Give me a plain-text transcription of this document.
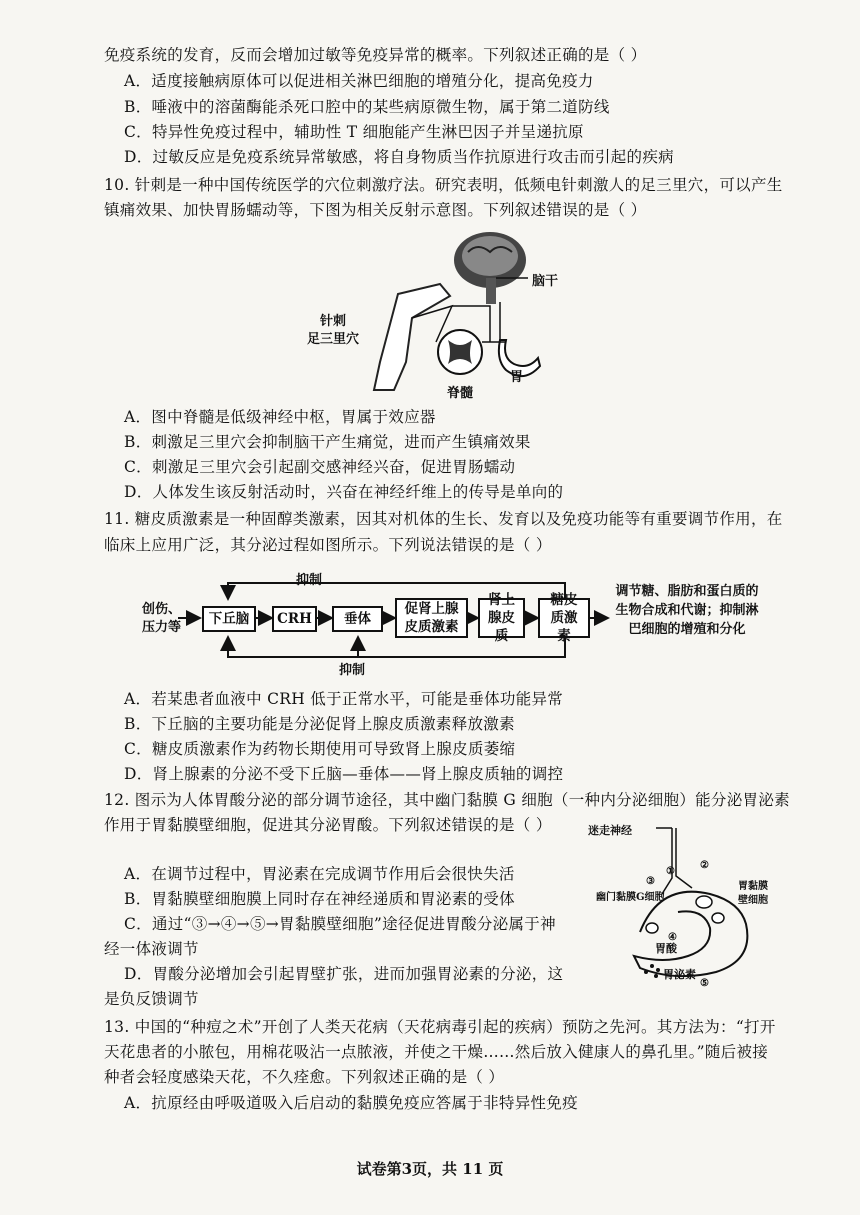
免疫系统的发育，反而会增加过敏等免疫异常的概率。下列叙述正确的是（ ）
A．适度接触病原体可以促进相关淋巴细胞的增殖分化，提高免疫力
B．唾液中的溶菌酶能杀死口腔中的某些病原微生物，属于第二道防线
C．特异性免疫过程中，辅助性 T 细胞能产生淋巴因子并呈递抗原
D．过敏反应是免疫系统异常敏感，将自身物质当作抗原进行攻击而引起的疾病
10. 针刺是一种中国传统医学的穴位刺激疗法。研究表明，低频电针刺激人的足三里穴，可以产生
镇痛效果、加快胃肠蠕动等，下图为相关反射示意图。下列叙述错误的是（ ）
脑干
针刺
足三里穴
脊髓
胃
A．图中脊髓是低级神经中枢，胃属于效应器
B．刺激足三里穴会抑制脑干产生痛觉，进而产生镇痛效果
C．刺激足三里穴会引起副交感神经兴奋，促进胃肠蠕动
D．人体发生该反射活动时，兴奋在神经纤维上的传导是单向的
11. 糖皮质激素是一种固醇类激素，因其对机体的生长、发育以及免疫功能等有重要调节作用，在
临床上应用广泛，其分泌过程如图所示。下列说法错误的是（ ）
抑制
抑制
创伤、压力等
下丘脑	CRH	垂体
促肾上腺皮质激素
肾上腺皮质
糖皮质激素
调节糖、脂肪和蛋白质的生物合成和代谢；抑制淋巴细胞的增殖和分化
A．若某患者血液中 CRH 低于正常水平，可能是垂体功能异常
B．下丘脑的主要功能是分泌促肾上腺皮质激素释放激素
C．糖皮质激素作为药物长期使用可导致肾上腺皮质萎缩
D．肾上腺素的分泌不受下丘脑—垂体——肾上腺皮质轴的调控
12. 图示为人体胃酸分泌的部分调节途径，其中幽门黏膜 G 细胞（一种内分泌细胞）能分泌胃泌素
作用于胃黏膜壁细胞，促进其分泌胃酸。下列叙述错误的是（ ）	迷走神经
幽门黏膜G细胞
胃黏膜壁细胞
胃酸
胃泌素
①
②
③
④
⑤
A．在调节过程中，胃泌素在完成调节作用后会很快失活
B．胃黏膜壁细胞膜上同时存在神经递质和胃泌素的受体
C．通过“③→④→⑤→胃黏膜壁细胞”途径促进胃酸分泌属于神
经一体液调节
D．胃酸分泌增加会引起胃壁扩张，进而加强胃泌素的分泌，这
是负反馈调节
13. 中国的“种痘之术”开创了人类天花病（天花病毒引起的疾病）预防之先河。其方法为：“打开
天花患者的小脓包，用棉花吸沾一点脓液，并使之干燥……然后放入健康人的鼻孔里。”随后被接
种者会轻度感染天花，不久痊愈。下列叙述正确的是（ ）
A．抗原经由呼吸道吸入后启动的黏膜免疫应答属于非特异性免疫
试卷第3页，共 11 页
